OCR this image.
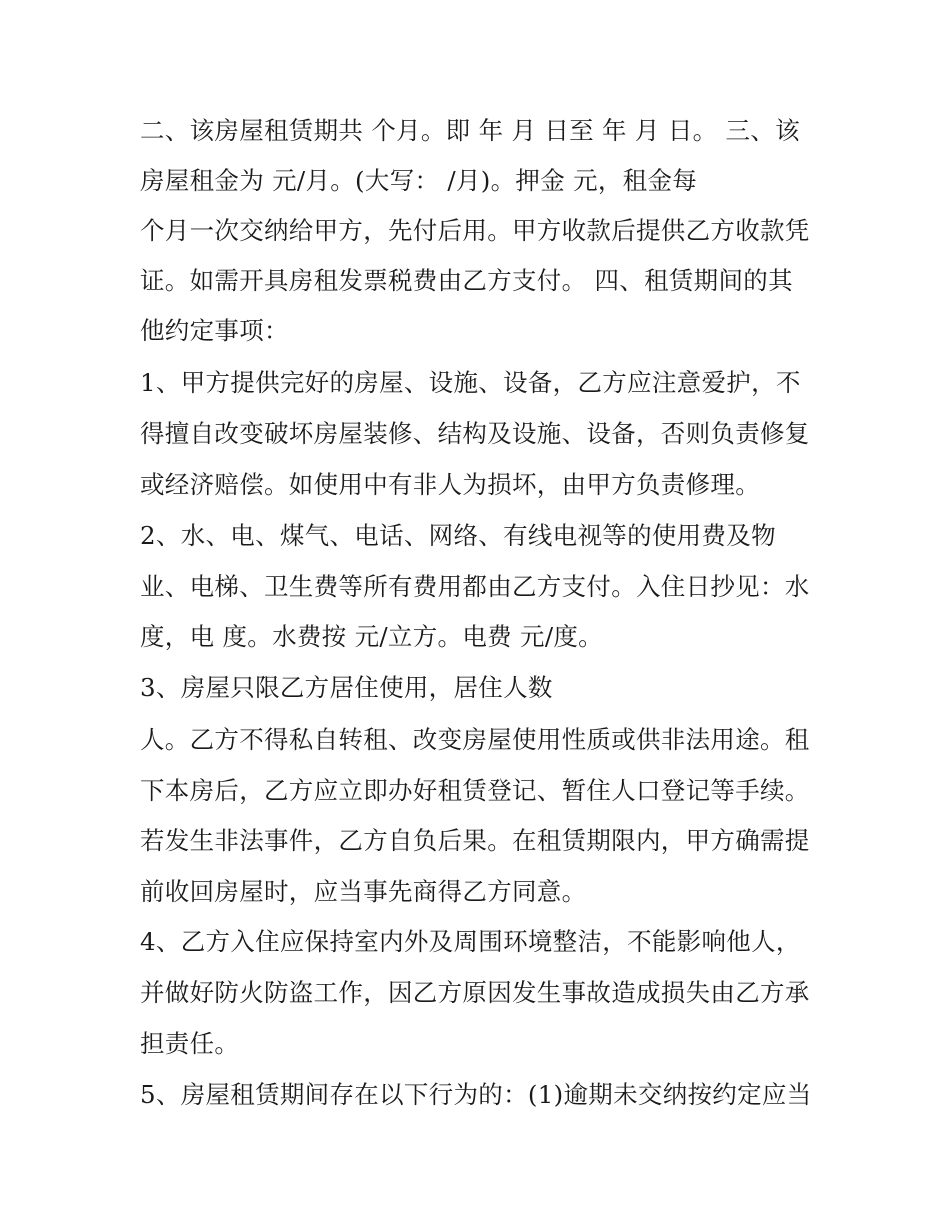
二、该房屋租赁期共 个月。即 年 月 日至 年 月 日。 三、该
房屋租金为 元/月。(大写： /月)。押金 元，租金每
个月一次交纳给甲方，先付后用。甲方收款后提供乙方收款凭
证。如需开具房租发票税费由乙方支付。 四、租赁期间的其
他约定事项：
1、甲方提供完好的房屋、设施、设备，乙方应注意爱护，不
得擅自改变破坏房屋装修、结构及设施、设备，否则负责修复
或经济赔偿。如使用中有非人为损坏，由甲方负责修理。
2、水、电、煤气、电话、网络、有线电视等的使用费及物
业、电梯、卫生费等所有费用都由乙方支付。入住日抄见：水
度，电 度。水费按 元/立方。电费 元/度。
3、房屋只限乙方居住使用，居住人数
人。乙方不得私自转租、改变房屋使用性质或供非法用途。租
下本房后，乙方应立即办好租赁登记、暂住人口登记等手续。
若发生非法事件，乙方自负后果。在租赁期限内，甲方确需提
前收回房屋时，应当事先商得乙方同意。
4、乙方入住应保持室内外及周围环境整洁，不能影响他人，
并做好防火防盗工作，因乙方原因发生事故造成损失由乙方承
担责任。
5、房屋租赁期间存在以下行为的：(1)逾期未交纳按约定应当
